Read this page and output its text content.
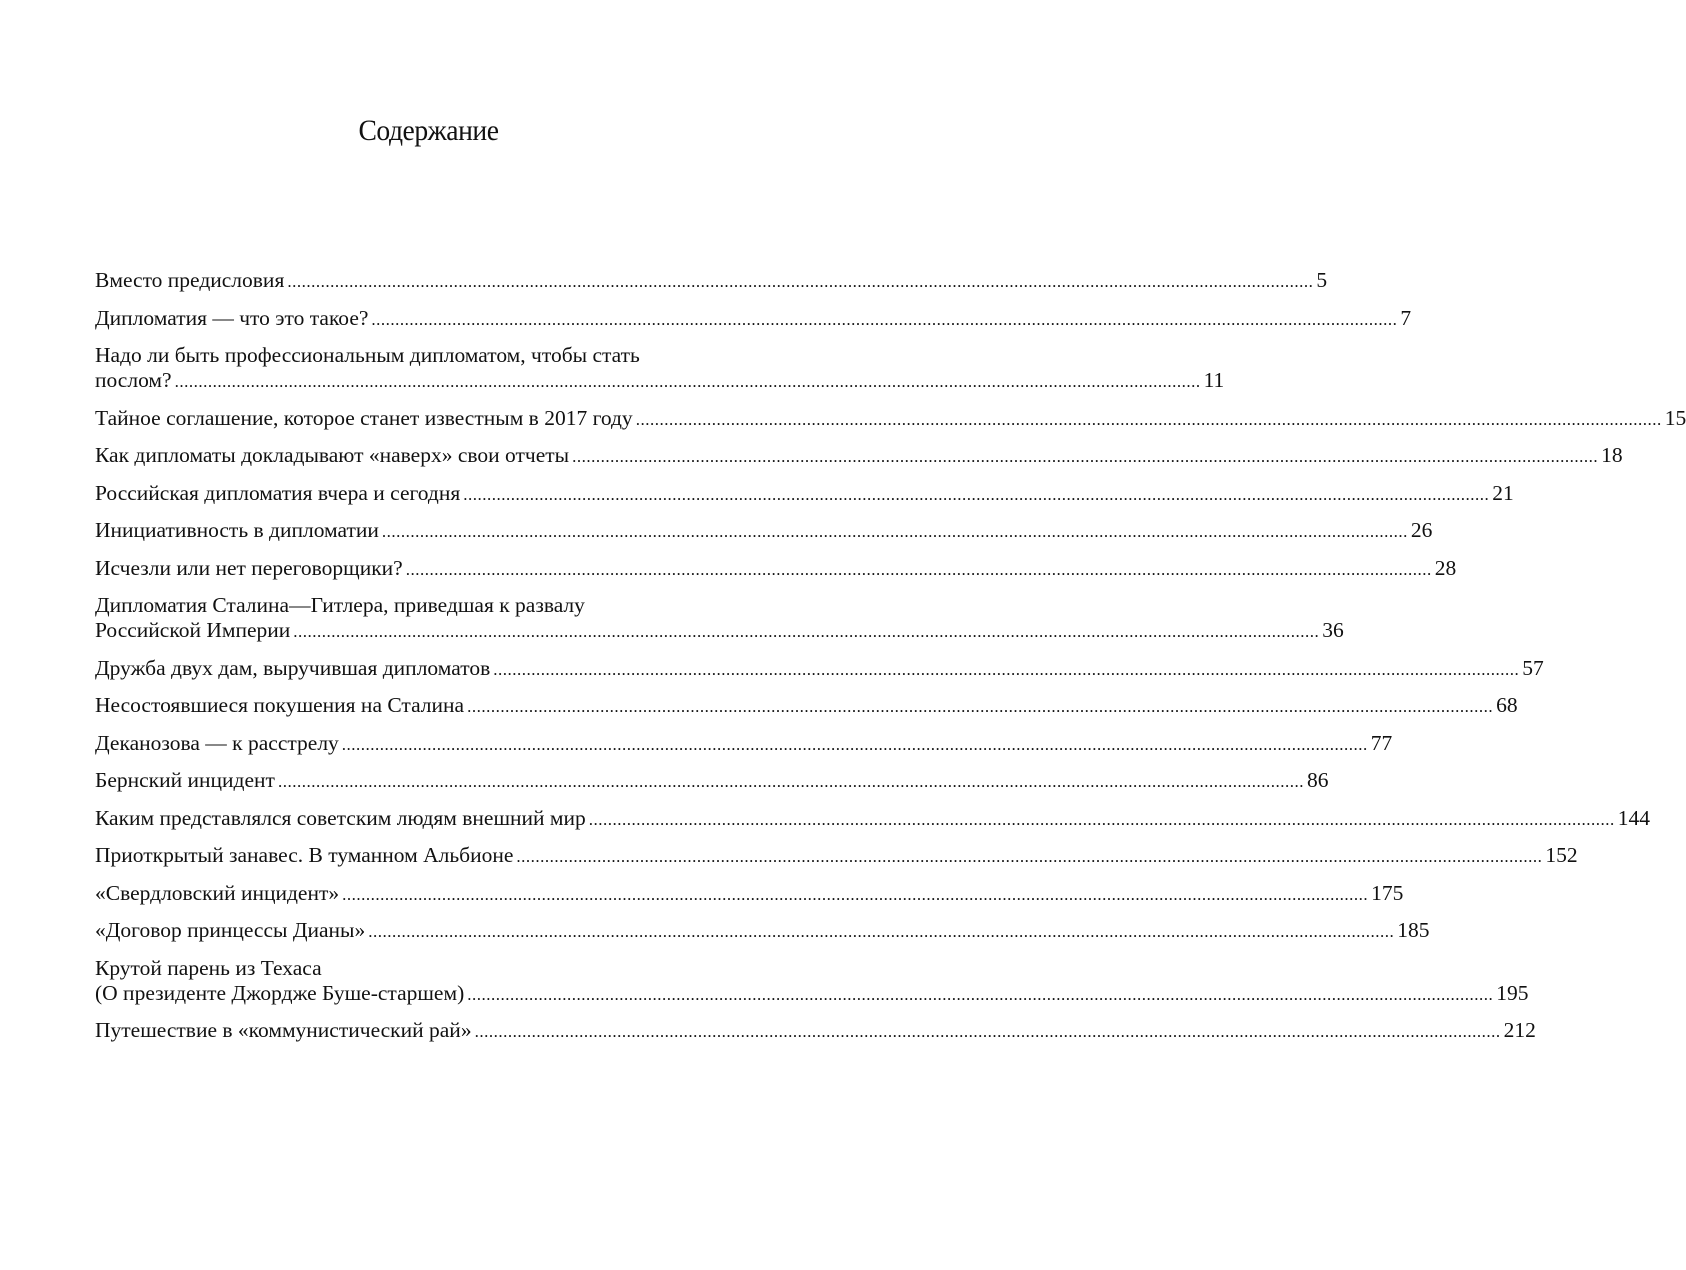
Содержание
Вместо предисловия .....	5
Дипломатия — что это такое? .....	7
Надо ли быть профессиональным дипломатом, чтобы стать
послом? .....	11
Тайное соглашение, которое станет известным в 2017 году .....	15
Как дипломаты докладывают «наверх» свои отчеты .....	18
Российская дипломатия вчера и сегодня .....	21
Инициативность в дипломатии .....	26
Исчезли или нет переговорщики? .....	28
Дипломатия Сталина—Гитлера, приведшая к развалу
Российской Империи .....	36
Дружба двух дам, выручившая дипломатов .....	57
Несостоявшиеся покушения на Сталина .....	68
Деканозова — к расстрелу .....	77
Бернский инцидент .....	86
Каким представлялся советским людям внешний мир .....	144
Приоткрытый занавес. В туманном Альбионе .....	152
«Свердловский инцидент» .....	175
«Договор принцессы Дианы» .....	185
Крутой парень из Техаса
(О президенте Джордже Буше-старшем) .....	195
Путешествие в «коммунистический рай» .....	212
